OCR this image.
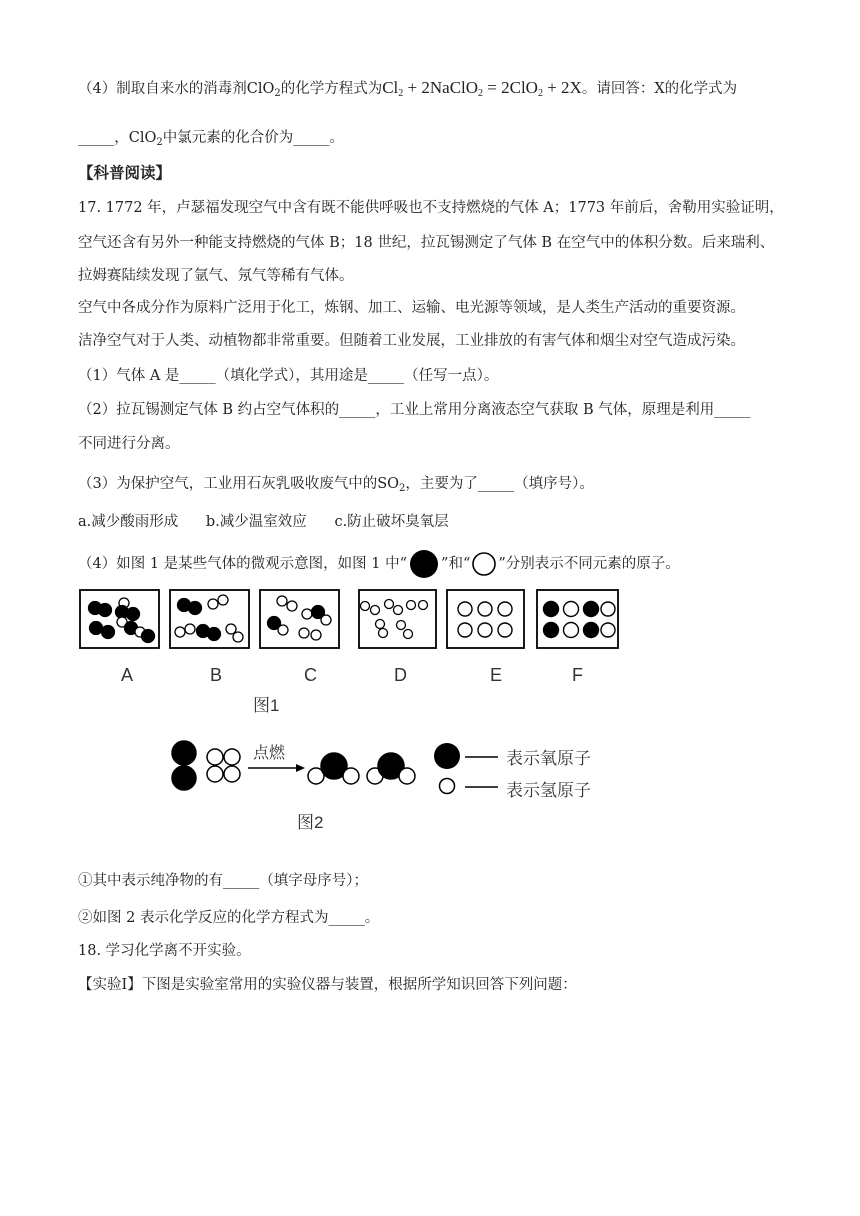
（4）制取自来水的消毒剂ClO$_2$的化学方程式为$Cl_2$ + 2NaClO$_2$ = 2ClO$_2$ + 2X。请回答：X的化学式为
_____，ClO$_2$中氯元素的化合价为_____。
【科普阅读】
17. 1772 年，卢瑟福发现空气中含有既不能供呼吸也不支持燃烧的气体 A；1773 年前后，舍勒用实验证明，
空气还含有另外一种能支持燃烧的气体 B；18 世纪，拉瓦锡测定了气体 B 在空气中的体积分数。后来瑞利、
拉姆赛陆续发现了氩气、氖气等稀有气体。
空气中各成分作为原料广泛用于化工，炼钢、加工、运输、电光源等领域，是人类生产活动的重要资源。
洁净空气对于人类、动植物都非常重要。但随着工业发展，工业排放的有害气体和烟尘对空气造成污染。
（1）气体 A 是_____（填化学式），其用途是_____（任写一点）。
（2）拉瓦锡测定气体 B 约占空气体积的_____，工业上常用分离液态空气获取 B 气体，原理是利用_____
不同进行分离。
（3）为保护空气，工业用石灰乳吸收废气中的$SO_2$，主要为了_____（填序号）。
a.减少酸雨形成      b.减少温室效应      c.防止破坏臭氧层
（4）如图 1 是某些气体的微观示意图，如图 1 中“ ”和“ ”分别表示不同元素的原子。
A	B	C	D	E	F
图1
点燃	表示氧原子
表示氢原子
图2
①其中表示纯净物的有_____（填字母序号）；
②如图 2 表示化学反应的化学方程式为_____。
18. 学习化学离不开实验。
【实验Ⅰ】下图是实验室常用的实验仪器与装置，根据所学知识回答下列问题：
